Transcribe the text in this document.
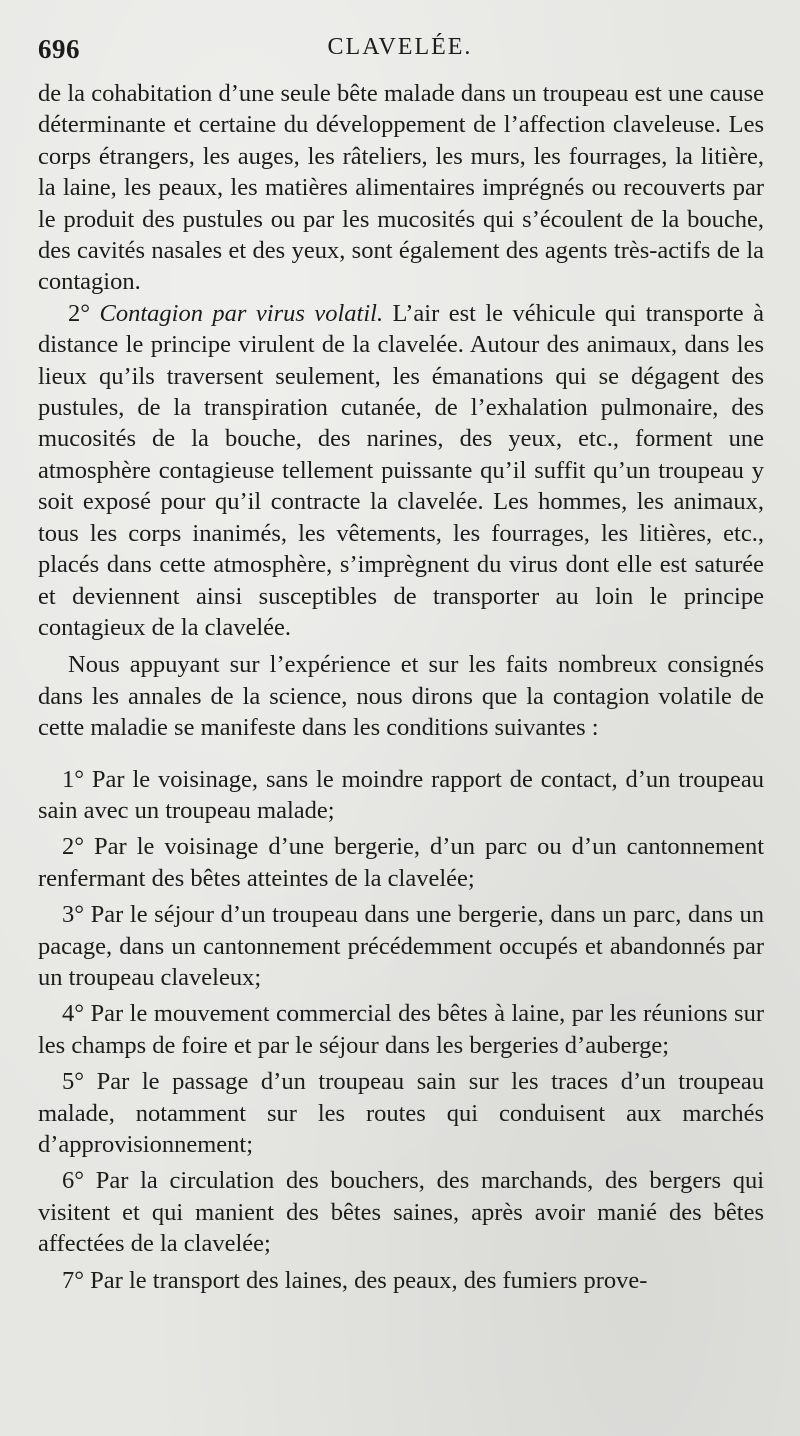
696	CLAVELÉE.

de la cohabitation d’une seule bête malade dans un troupeau est une cause déterminante et certaine du développement de l’affection claveleuse. Les corps étrangers, les auges, les râteliers, les murs, les fourrages, la litière, la laine, les peaux, les matières alimentaires imprégnés ou recouverts par le produit des pustules ou par les mucosités qui s’écoulent de la bouche, des cavités nasales et des yeux, sont également des agents très-actifs de la contagion.

2° Contagion par virus volatil. L’air est le véhicule qui transporte à distance le principe virulent de la clavelée. Autour des animaux, dans les lieux qu’ils traversent seulement, les émanations qui se dégagent des pustules, de la transpiration cutanée, de l’exhalation pulmonaire, des mucosités de la bouche, des narines, des yeux, etc., forment une atmosphère contagieuse tellement puissante qu’il suffit qu’un troupeau y soit exposé pour qu’il contracte la clavelée. Les hommes, les animaux, tous les corps inanimés, les vêtements, les fourrages, les litières, etc., placés dans cette atmosphère, s’imprègnent du virus dont elle est saturée et deviennent ainsi susceptibles de transporter au loin le principe contagieux de la clavelée.

Nous appuyant sur l’expérience et sur les faits nombreux consignés dans les annales de la science, nous dirons que la contagion volatile de cette maladie se manifeste dans les conditions suivantes :

1° Par le voisinage, sans le moindre rapport de contact, d’un troupeau sain avec un troupeau malade;

2° Par le voisinage d’une bergerie, d’un parc ou d’un cantonnement renfermant des bêtes atteintes de la clavelée;

3° Par le séjour d’un troupeau dans une bergerie, dans un parc, dans un pacage, dans un cantonnement précédemment occupés et abandonnés par un troupeau claveleux;

4° Par le mouvement commercial des bêtes à laine, par les réunions sur les champs de foire et par le séjour dans les bergeries d’auberge;

5° Par le passage d’un troupeau sain sur les traces d’un troupeau malade, notamment sur les routes qui conduisent aux marchés d’approvisionnement;

6° Par la circulation des bouchers, des marchands, des bergers qui visitent et qui manient des bêtes saines, après avoir manié des bêtes affectées de la clavelée;

7° Par le transport des laines, des peaux, des fumiers prove-
